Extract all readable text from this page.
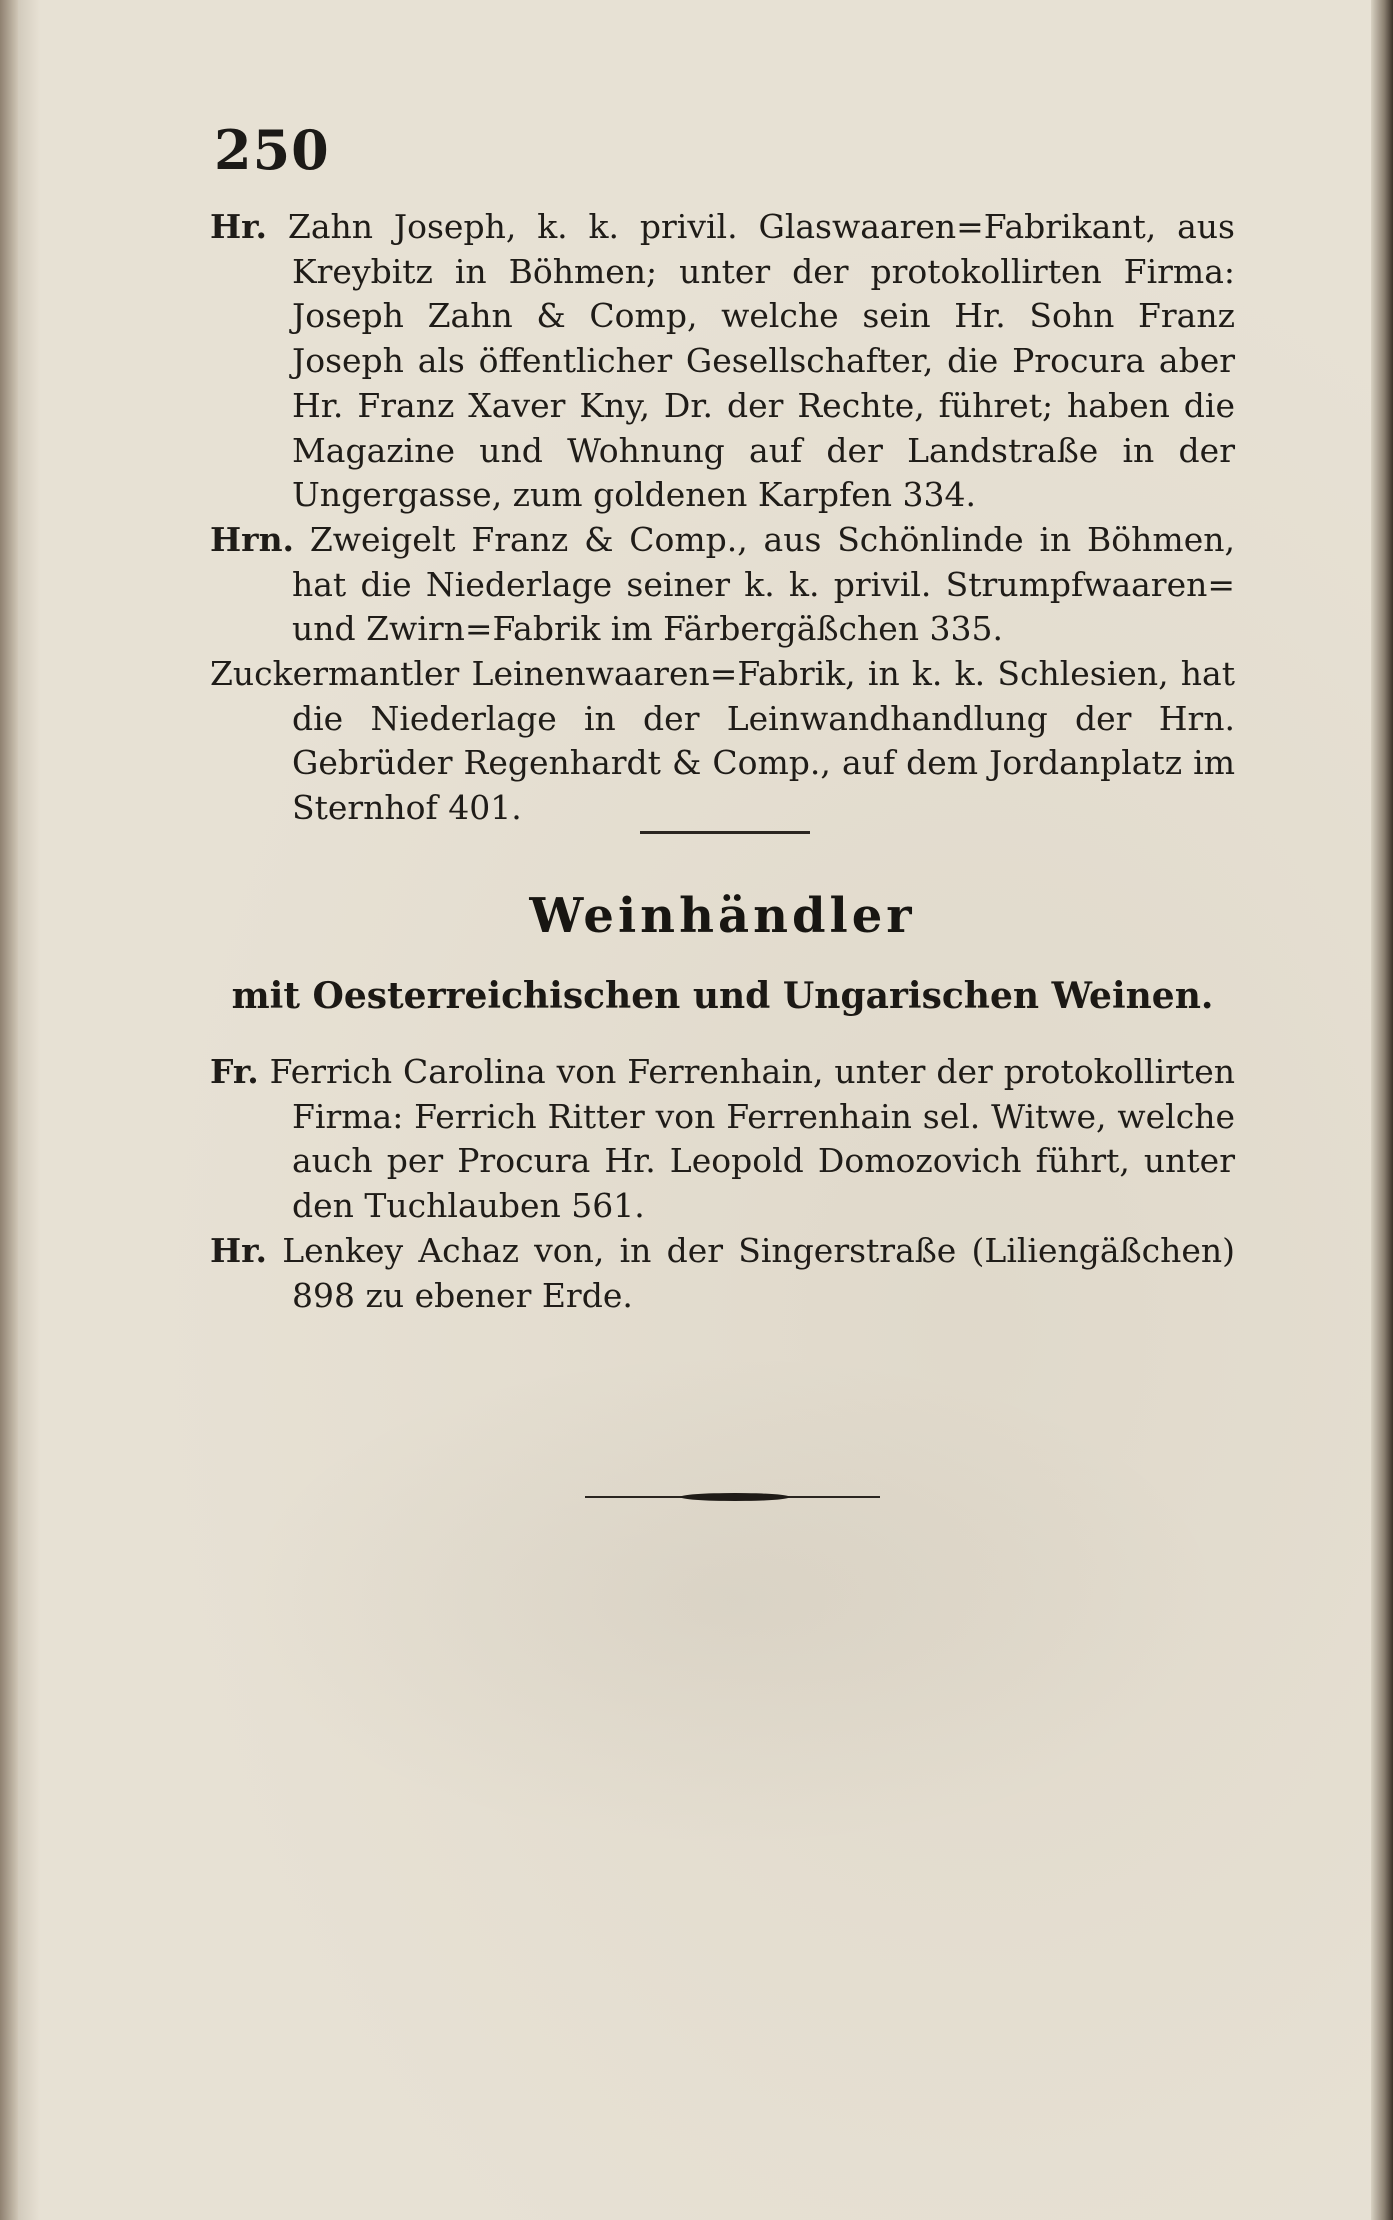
250

Hr. Zahn Joseph, k. k. privil. Glaswaaren=Fabrikant, aus Kreybitz in Böhmen; unter der protokollirten Firma: Joseph Zahn & Comp, welche sein Hr. Sohn Franz Joseph als öffentlicher Gesellschafter, die Procura aber Hr. Franz Xaver Kny, Dr. der Rechte, führet; haben die Magazine und Wohnung auf der Landstraße in der Ungergasse, zum goldenen Karpfen 334.

Hrn. Zweigelt Franz & Comp., aus Schönlinde in Böhmen, hat die Niederlage seiner k. k. privil. Strumpfwaaren= und Zwirn=Fabrik im Färbergäßchen 335.

Zuckermantler Leinenwaaren=Fabrik, in k. k. Schlesien, hat die Niederlage in der Leinwandhandlung der Hrn. Gebrüder Regenhardt & Comp., auf dem Jordanplatz im Sternhof 401.

Weinhändler
mit Oesterreichischen und Ungarischen Weinen.

Fr. Ferrich Carolina von Ferrenhain, unter der protokollirten Firma: Ferrich Ritter von Ferrenhain sel. Witwe, welche auch per Procura Hr. Leopold Domozovich führt, unter den Tuchlauben 561.

Hr. Lenkey Achaz von, in der Singerstraße (Liliengäßchen) 898 zu ebener Erde.
